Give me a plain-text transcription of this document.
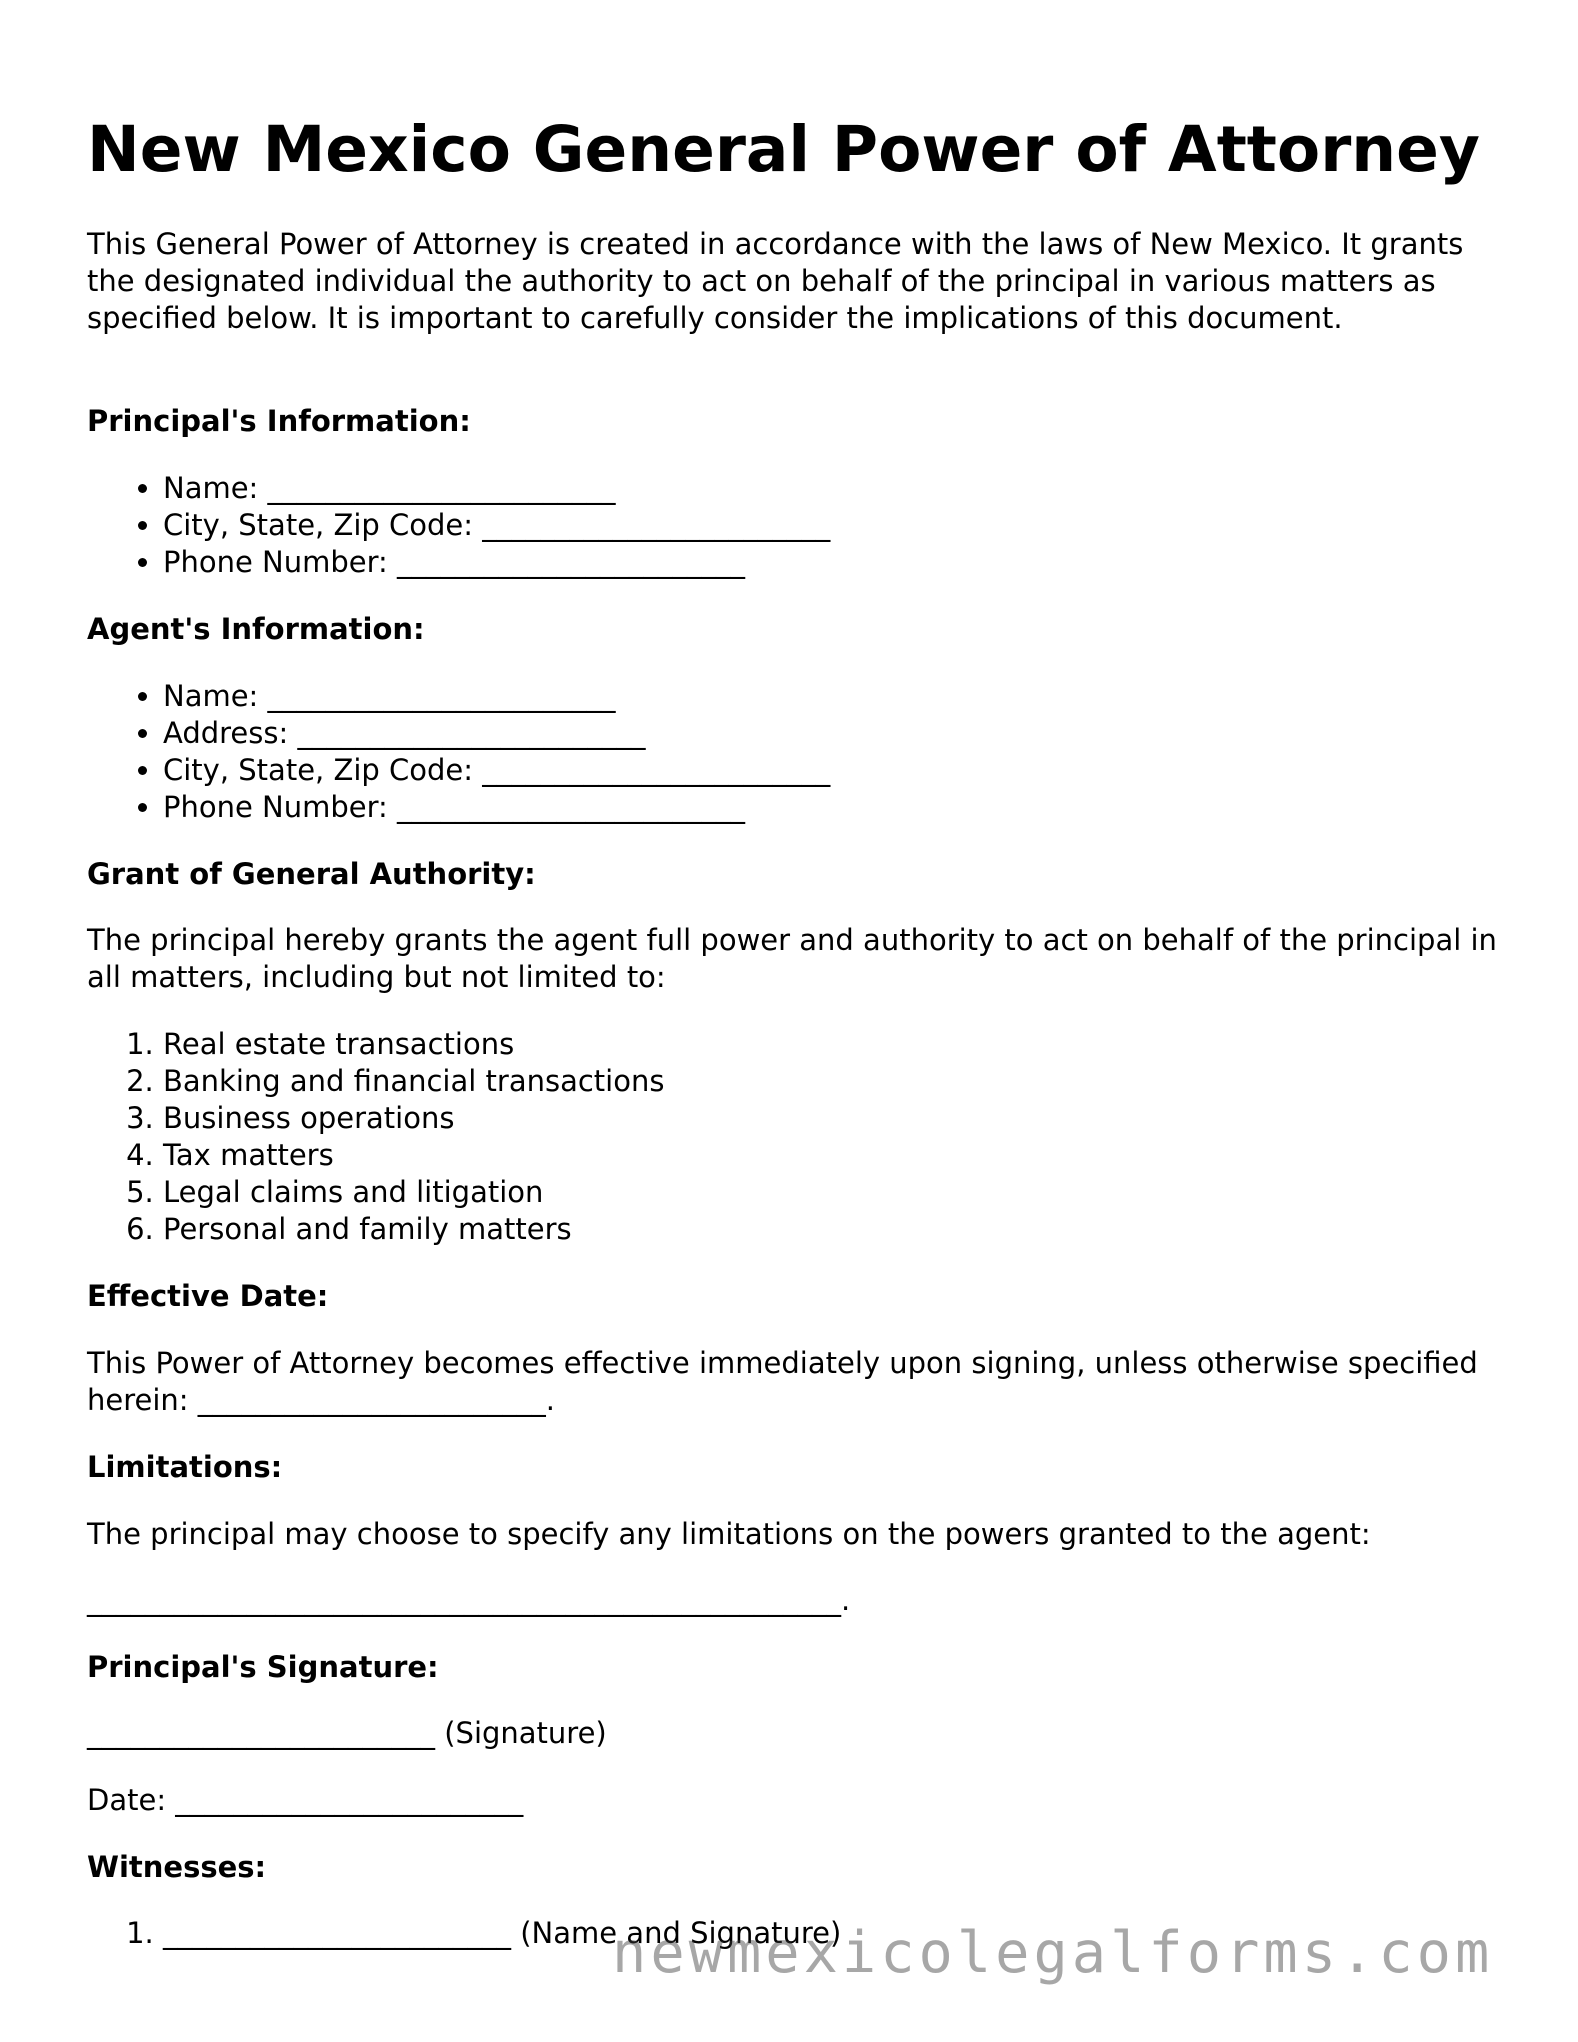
New Mexico General Power of Attorney

This General Power of Attorney is created in accordance with the laws of New Mexico. It grants the designated individual the authority to act on behalf of the principal in various matters as specified below. It is important to carefully consider the implications of this document.

Principal's Information:

• Name: ________________________
• City, State, Zip Code: ________________________
• Phone Number: ________________________

Agent's Information:

• Name: ________________________
• Address: ________________________
• City, State, Zip Code: ________________________
• Phone Number: ________________________

Grant of General Authority:

The principal hereby grants the agent full power and authority to act on behalf of the principal in all matters, including but not limited to:

1. Real estate transactions
2. Banking and financial transactions
3. Business operations
4. Tax matters
5. Legal claims and litigation
6. Personal and family matters

Effective Date:

This Power of Attorney becomes effective immediately upon signing, unless otherwise specified herein: ________________________.

Limitations:

The principal may choose to specify any limitations on the powers granted to the agent:

____________________________________________________.

Principal's Signature:

________________________ (Signature)

Date: ________________________

Witnesses:

1. ________________________ (Name and Signature)
newmexicolegalforms.com
